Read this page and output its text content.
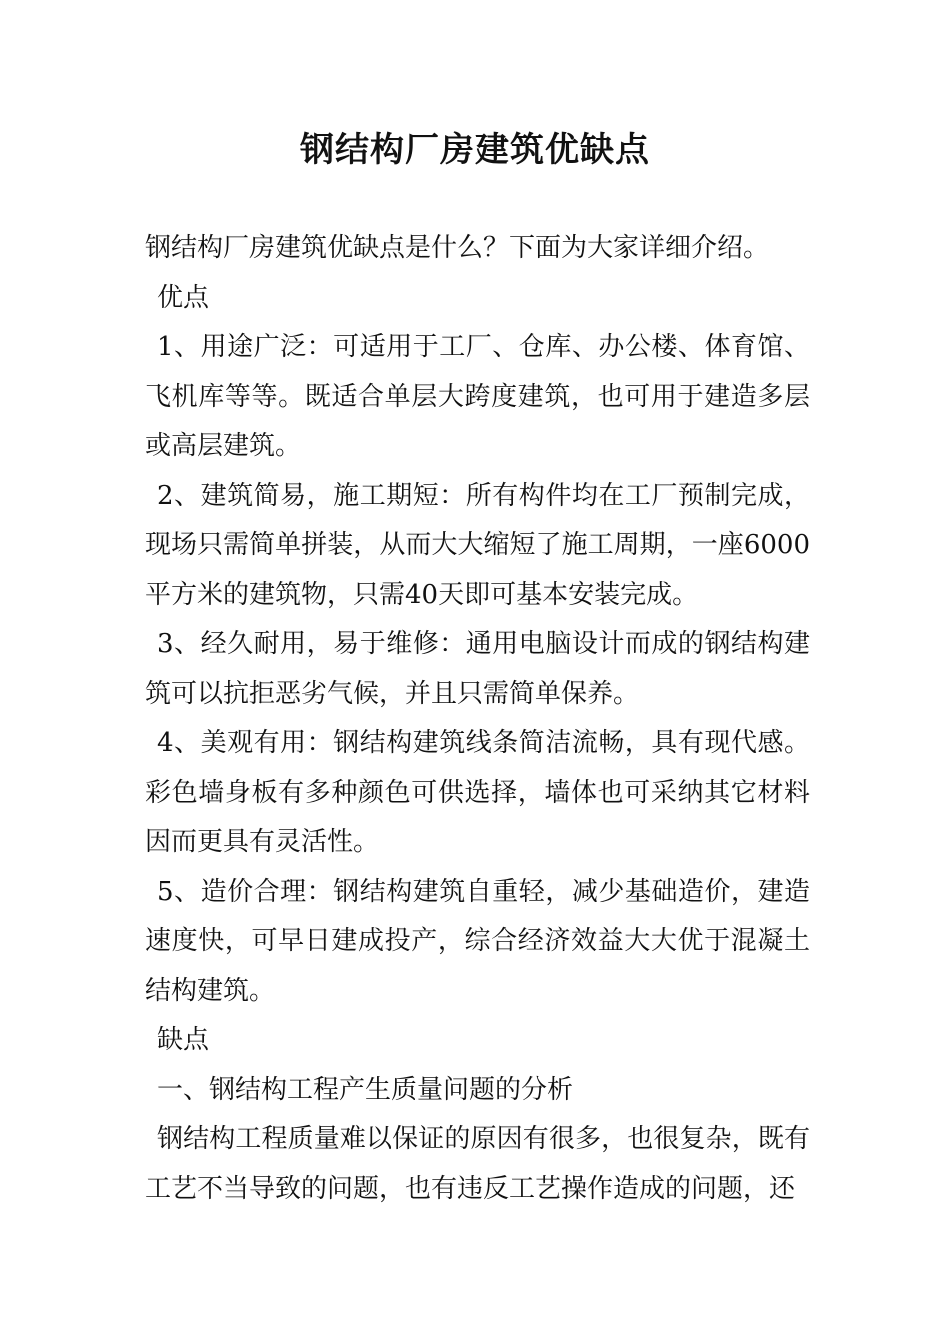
钢结构厂房建筑优缺点

钢结构厂房建筑优缺点是什么？下面为大家详细介绍。

优点

1、用途广泛：可适用于工厂、仓库、办公楼、体育馆、飞机库等等。既适合单层大跨度建筑，也可用于建造多层或高层建筑。

2、建筑简易，施工期短：所有构件均在工厂预制完成，现场只需简单拼装，从而大大缩短了施工周期，一座6000平方米的建筑物，只需40天即可基本安装完成。

3、经久耐用，易于维修：通用电脑设计而成的钢结构建筑可以抗拒恶劣气候，并且只需简单保养。

4、美观有用：钢结构建筑线条简洁流畅，具有现代感。彩色墙身板有多种颜色可供选择，墙体也可采纳其它材料因而更具有灵活性。

5、造价合理：钢结构建筑自重轻，减少基础造价，建造速度快，可早日建成投产，综合经济效益大大优于混凝土结构建筑。

缺点

一、钢结构工程产生质量问题的分析

钢结构工程质量难以保证的原因有很多，也很复杂，既有工艺不当导致的问题，也有违反工艺操作造成的问题，还
